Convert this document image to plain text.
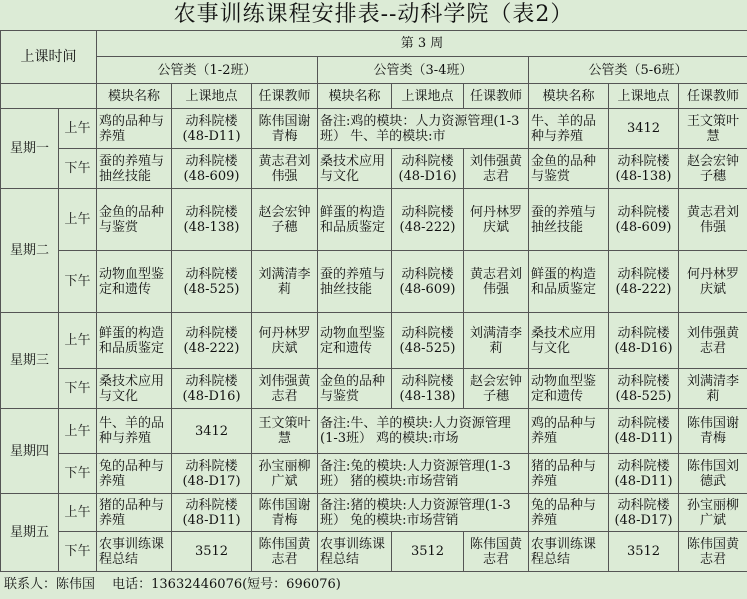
农事训练课程安排表--动科学院（表2）
上课时间		第 3 周								
		公管类（1-2班）			公管类（3-4班）			公管类（5-6班）		
		模块名称	上课地点	任课教师	模块名称	上课地点	任课教师	模块名称	上课地点	任课教师
星期一	上午	鸡的品种与养殖	动科院楼(48-D11)	陈伟国谢青梅	备注:鸡的模块：人力资源管理(1-3班） 牛、羊的模块:市			牛、羊的品种与养殖	3412	王文策叶慧
	下午	蚕的养殖与抽丝技能	动科院楼(48-609)	黄志君刘伟强	桑技术应用与文化	动科院楼(48-D16)	刘伟强黄志君	金鱼的品种与鉴赏	动科院楼(48-138)	赵会宏钟子穗
星期二	上午	金鱼的品种与鉴赏	动科院楼(48-138)	赵会宏钟子穗	鲜蛋的构造和品质鉴定	动科院楼(48-222)	何丹林罗庆斌	蚕的养殖与抽丝技能	动科院楼(48-609)	黄志君刘伟强
	下午	动物血型鉴定和遗传	动科院楼(48-525)	刘满清李莉	蚕的养殖与抽丝技能	动科院楼(48-609)	黄志君刘伟强	鲜蛋的构造和品质鉴定	动科院楼(48-222)	何丹林罗庆斌
星期三	上午	鲜蛋的构造和品质鉴定	动科院楼(48-222)	何丹林罗庆斌	动物血型鉴定和遗传	动科院楼(48-525)	刘满清李莉	桑技术应用与文化	动科院楼(48-D16)	刘伟强黄志君
	下午	桑技术应用与文化	动科院楼(48-D16)	刘伟强黄志君	金鱼的品种与鉴赏	动科院楼(48-138)	赵会宏钟子穗	动物血型鉴定和遗传	动科院楼(48-525)	刘满清李莉
星期四	上午	牛、羊的品种与养殖	3412	王文策叶慧	备注:牛、羊的模块:人力资源管理(1-3班） 鸡的模块:市场			鸡的品种与养殖	动科院楼(48-D11)	陈伟国谢青梅
	下午	兔的品种与养殖	动科院楼(48-D17)	孙宝丽柳广斌	备注:兔的模块:人力资源管理(1-3班） 猪的模块:市场营销			猪的品种与养殖	动科院楼(48-D11)	陈伟国刘德武
星期五	上午	猪的品种与养殖	动科院楼(48-D11)	陈伟国谢青梅	备注:猪的模块:人力资源管理(1-3班） 兔的模块:市场营销			兔的品种与养殖	动科院楼(48-D17)	孙宝丽柳广斌
	下午	农事训练课程总结	3512	陈伟国黄志君	农事训练课程总结	3512	陈伟国黄志君	农事训练课程总结	3512	陈伟国黄志君
联系人：陈伟国　 电话：13632446076(短号：696076)
